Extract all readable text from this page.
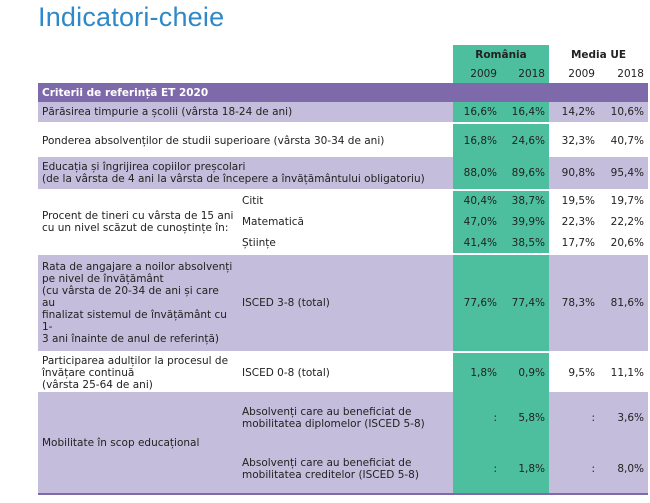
Indicatori-cheie
		România		Media UE	
		2009	2018	2009	2018
Criterii de referință ET 2020					
Părăsirea timpurie a școlii (vârsta 18-24 de ani)		16,6%	16,4%	14,2%	10,6%
Ponderea absolvenților de studii superioare (vârsta 30-34 de ani)		16,8%	24,6%	32,3%	40,7%

Educația și îngrijirea copiilor preșcolari
(de la vârsta de 4 ani la vârsta de începere a învățământului obligatoriu)		88,0%	89,6%	90,8%	95,4%

Procent de tineri cu vârsta de 15 ani
cu un nivel scăzut de cunoștințe în:	Citit	40,4%	38,7%	19,5%	19,7%
	Matematică	47,0%	39,9%	22,3%	22,2%
	Științe	41,4%	38,5%	17,7%	20,6%

Rata de angajare a noilor absolvenți
pe nivel de învățământ
(cu vârsta de 20-34 de ani și care au
finalizat sistemul de învățământ cu 1-
3 ani înainte de anul de referință)	ISCED 3-8 (total)	77,6%	77,4%	78,3%	81,6%

Participarea adulților la procesul de
învățare continuă
(vârsta 25-64 de ani)	ISCED 0-8 (total)	1,8%	0,9%	9,5%	11,1%
Mobilitate în scop educațional	Absolvenți care au beneficiat de
mobilitatea diplomelor (ISCED 5-8)	:	5,8%	:	3,6%

	Absolvenți care au beneficiat de
mobilitatea creditelor (ISCED 5-8)	:	1,8%	:	8,0%
